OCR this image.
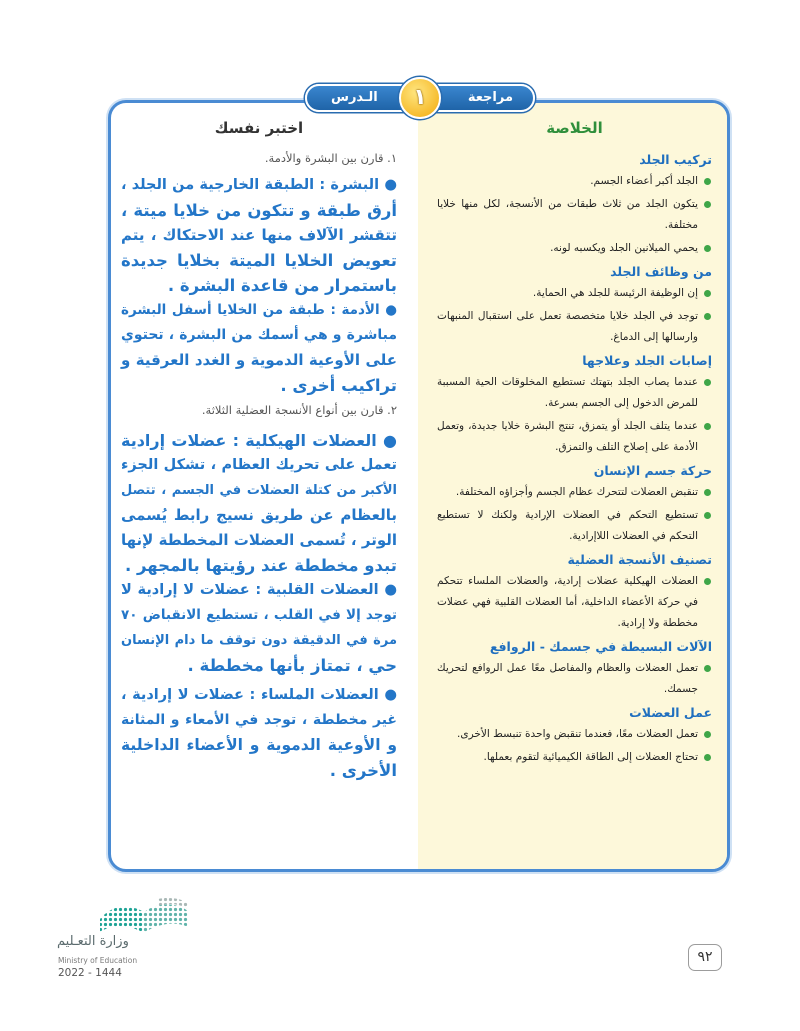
مراجعة
الـدرس	١
اختبر نفسك
١. قارن بين البشرة والأدمة.
● البشرة : الطبقة الخارجية من الجلد ،
أرق طبقة و تتكون من خلايا ميتة ،
تتقشر الآلاف منها عند الاحتكاك ، يتم
تعويض الخلايا الميتة بخلايا جديدة
باستمرار من قاعدة البشرة .
● الأدمة : طبقة من الخلايا أسفل البشرة
مباشرة و هي أسمك من البشرة ، تحتوي
على الأوعية الدموية و الغدد العرقية و
تراكيب أخرى .
٢. قارن بين أنواع الأنسجة العضلية الثلاثة.
● العضلات الهيكلية : عضلات إرادية
تعمل على تحريك العظام ، تشكل الجزء
الأكبر من كتلة العضلات في الجسم ، تتصل
بالعظام عن طريق نسيج رابط يُسمى
الوتر ، تُسمى العضلات المخططة لإنها
تبدو مخططة عند رؤيتها بالمجهر .
● العضلات القلبية : عضلات لا إرادية لا
توجد إلا في القلب ، تستطيع الانقباض ٧٠
مرة في الدقيقة دون توقف ما دام الإنسان
حي ، تمتاز بأنها مخططة .
● العضلات الملساء : عضلات لا إرادية ،
غير مخططة ، توجد في الأمعاء و المثانة
و الأوعية الدموية و الأعضاء الداخلية
الأخرى .
الخلاصة
تركيب الجلد
الجلد أكبر أعضاء الجسم.
يتكون الجلد من ثلاث طبقات من الأنسجة، لكل منها خلايا مختلفة.
يحمي الميلانين الجلد ويكسبه لونه.
من وظائف الجلد
إن الوظيفة الرئيسة للجلد هي الحماية.
توجد في الجلد خلايا متخصصة تعمل على استقبال المنبهات وارسالها إلى الدماغ.
إصابات الجلد وعلاجها
عندما يصاب الجلد بتهتك تستطيع المخلوقات الحية المسببة للمرض الدخول إلى الجسم بسرعة.
عندما يتلف الجلد أو يتمزق، تنتج البشرة خلايا جديدة، وتعمل الأدمة على إصلاح التلف والتمزق.
حركة جسم الإنسان
تنقبض العضلات لتتحرك عظام الجسم وأجزاؤه المختلفة.
تستطيع التحكم في العضلات الإرادية ولكنك لا تستطيع التحكم في العضلات اللاإرادية.
تصنيف الأنسجة العضلية
العضلات الهيكلية عضلات إرادية، والعضلات الملساء تتحكم في حركة الأعضاء الداخلية، أما العضلات القلبية فهي عضلات مخططة ولا إرادية.
الآلات البسيطة في جسمك - الروافع
تعمل العضلات والعظام والمفاصل معًا عمل الروافع لتحريك جسمك.
عمل العضلات
تعمل العضلات معًا، فعندما تنقبض واحدة تنبسط الأخرى.
تحتاج العضلات إلى الطاقة الكيميائية لتقوم بعملها.
٩٢
وزارة التعـليم
Ministry of Education
2022 - 1444
